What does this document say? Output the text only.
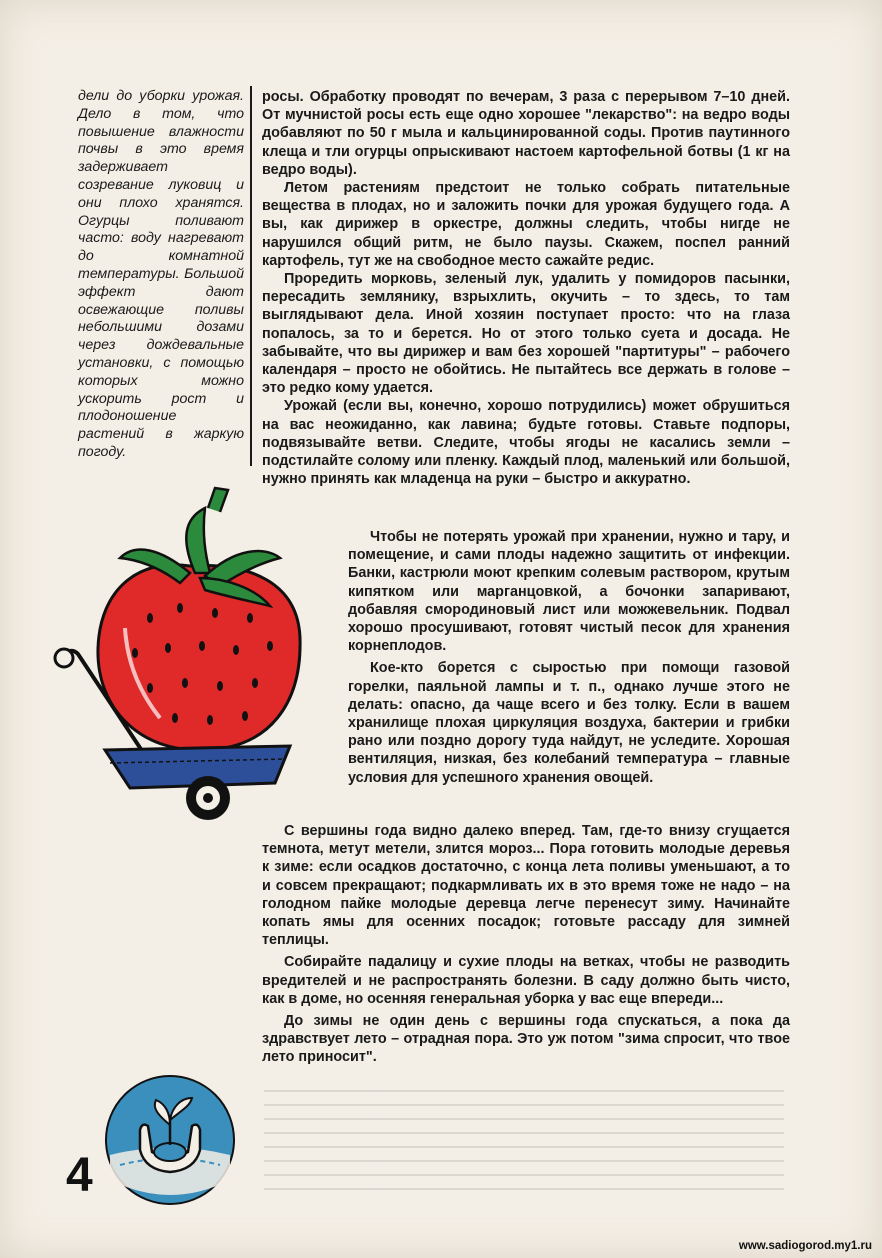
дели до уборки урожая. Дело в том, что повышение влажности почвы в это время задерживает созревание луковиц и они плохо хранятся. Огурцы поливают часто: воду нагревают до комнатной температуры. Большой эффект дают освежающие поливы небольшими дозами через дождевальные установки, с помощью которых можно ускорить рост и плодоношение растений в жаркую погоду.

росы. Обработку проводят по вечерам, 3 раза с перерывом 7–10 дней. От мучнистой росы есть еще одно хорошее "лекарство": на ведро воды добавляют по 50 г мыла и кальцинированной соды. Против паутинного клеща и тли огурцы опрыскивают настоем картофельной ботвы (1 кг на ведро воды).

Летом растениям предстоит не только собрать питательные вещества в плодах, но и заложить почки для урожая будущего года. А вы, как дирижер в оркестре, должны следить, чтобы нигде не нарушился общий ритм, не было паузы. Скажем, поспел ранний картофель, тут же на свободное место сажайте редис.

Проредить морковь, зеленый лук, удалить у помидоров пасынки, пересадить землянику, взрыхлить, окучить – то здесь, то там выглядывают дела. Иной хозяин поступает просто: что на глаза попалось, за то и берется. Но от этого только суета и досада. Не забывайте, что вы дирижер и вам без хорошей "партитуры" – рабочего календаря – просто не обойтись. Не пытайтесь все держать в голове – это редко кому удается.

Урожай (если вы, конечно, хорошо потрудились) может обрушиться на вас неожиданно, как лавина; будьте готовы. Ставьте подпоры, подвязывайте ветви. Следите, чтобы ягоды не касались земли – подстилайте солому или пленку. Каждый плод, маленький или большой, нужно принять как младенца на руки – быстро и аккуратно.

Чтобы не потерять урожай при хранении, нужно и тару, и помещение, и сами плоды надежно защитить от инфекции. Банки, кастрюли моют крепким солевым раствором, крутым кипятком или марганцовкой, а бочонки запаривают, добавляя смородиновый лист или можжевельник. Подвал хорошо просушивают, готовят чистый песок для хранения корнеплодов.

Кое-кто борется с сыростью при помощи газовой горелки, паяльной лампы и т. п., однако лучше этого не делать: опасно, да чаще всего и без толку. Если в вашем хранилище плохая циркуляция воздуха, бактерии и грибки рано или поздно дорогу туда найдут, не уследите. Хорошая вентиляция, низкая, без колебаний температура – главные условия для успешного хранения овощей.

С вершины года видно далеко вперед. Там, где-то внизу сгущается темнота, метут метели, злится мороз... Пора готовить молодые деревья к зиме: если осадков достаточно, с конца лета поливы уменьшают, а то и совсем прекращают; подкармливать их в это время тоже не надо – на голодном пайке молодые деревца легче перенесут зиму. Начинайте копать ямы для осенних посадок; готовьте рассаду для зимней теплицы.

Собирайте падалицу и сухие плоды на ветках, чтобы не разводить вредителей и не распространять болезни. В саду должно быть чисто, как в доме, но осенняя генеральная уборка у вас еще впереди...

До зимы не один день с вершины года спускаться, а пока да здравствует лето – отрадная пора. Это уж потом "зима спросит, что твое лето приносит".

4
www.sadiogorod.my1.ru
